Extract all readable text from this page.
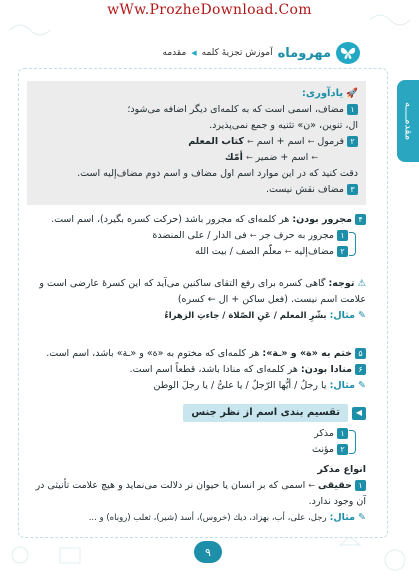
wWw.ProzheDownload.Com
مهروماه
آموزش تجزیهٔ کلمه
◀
مقدمه
مقدمــــه
🚀 یادآوری:
۱مضاف، اسمی است که به کلمه‌ای دیگر اضافه می‌شود؛
ال، تنوین، «ن» تثنیه و جمع نمی‌پذیرد.
۲فرمول ← اسم + اسم ← کتاب المعلم
← اسم + ضمیر ← أمّك
دقت کنید که در این موارد اسم اول مضاف و اسم دوم مضاف‌إلیه است.
۳مضاف نقش نیست.
۴مجرور بودن: هر کلمه‌ای که مجرور باشد (حرکت کسره بگیرد)، اسم است.
۱مجرور به حرف جر ← فی الدار / علی المنضدة
۲مضاف‌إلیه ← معلّم الصف / بیت الله
⚠ توجه: گاهی کسره برای رفع التقای ساکنین می‌آید که این کسرهٔ عارضی است و علامت اسم نیست. (فعل ساکن + ال ← کسره)
✎ مثال: بشّرِ المعلم / عَنِ الصّلاة / جاءتِ الزهراءُ
۵ختم به «ة» و «ـة»: هر کلمه‌ای که مختوم به «ة» و «ـة» باشد، اسم است.
۶منادا بودن: هر کلمه‌ای که منادا باشد، قطعاً اسم است.
✎ مثال: یا رجلُ / أیُّها الرّجلُ / یا علیُّ / یا رجلَ الوطن
◀
تقسیم بندی اسم از نظر جنس
۱مذکر
۲مؤنث
انواع مذکر
۱حقیقی ← اسمی که بر انسان یا حیوان نر دلالت می‌نماید و هیچ علامت تأنیثی در آن وجود ندارد.
✎ مثال: رجل، علی، أب، بهزاد، دیك (خروس)، أسد (شیر)، ثعلب (روباه) و ...
۹
